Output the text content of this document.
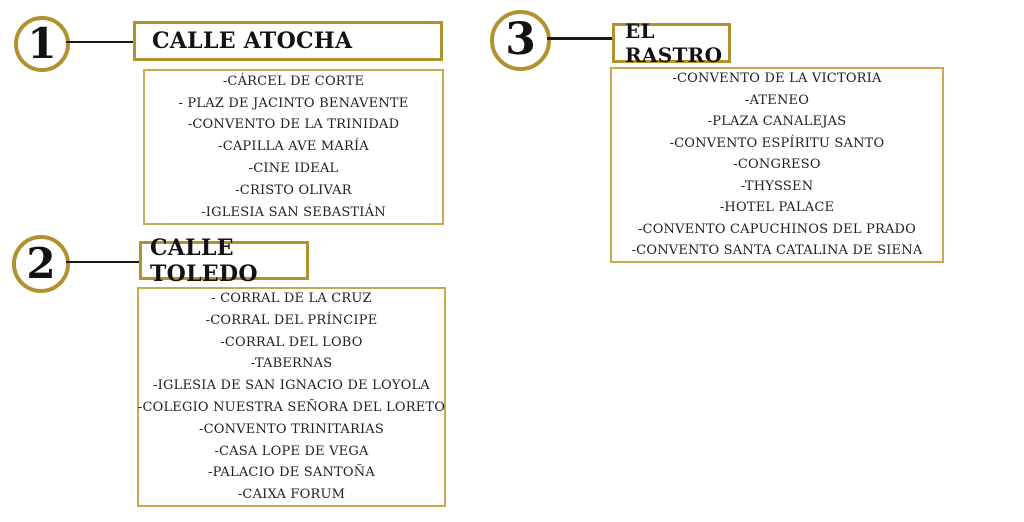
1	CALLE ATOCHA
-CÁRCEL DE CORTE
- PLAZ DE JACINTO BENAVENTE
-CONVENTO DE LA TRINIDAD
-CAPILLA AVE MARÍA
-CINE IDEAL
-CRISTO OLIVAR
-IGLESIA SAN SEBASTIÁN
2	CALLE TOLEDO
- CORRAL DE LA CRUZ
-CORRAL DEL PRÍNCIPE
-CORRAL DEL LOBO
-TABERNAS
-IGLESIA DE SAN IGNACIO DE LOYOLA
-COLEGIO NUESTRA SEÑORA DEL LORETO
-CONVENTO TRINITARIAS
-CASA LOPE DE VEGA
-PALACIO DE SANTOÑA
-CAIXA FORUM
3	EL RASTRO
-CONVENTO DE LA VICTORIA
-ATENEO
-PLAZA CANALEJAS
-CONVENTO ESPÍRITU SANTO
-CONGRESO
-THYSSEN
-HOTEL PALACE
-CONVENTO CAPUCHINOS DEL PRADO
-CONVENTO SANTA CATALINA DE SIENA
